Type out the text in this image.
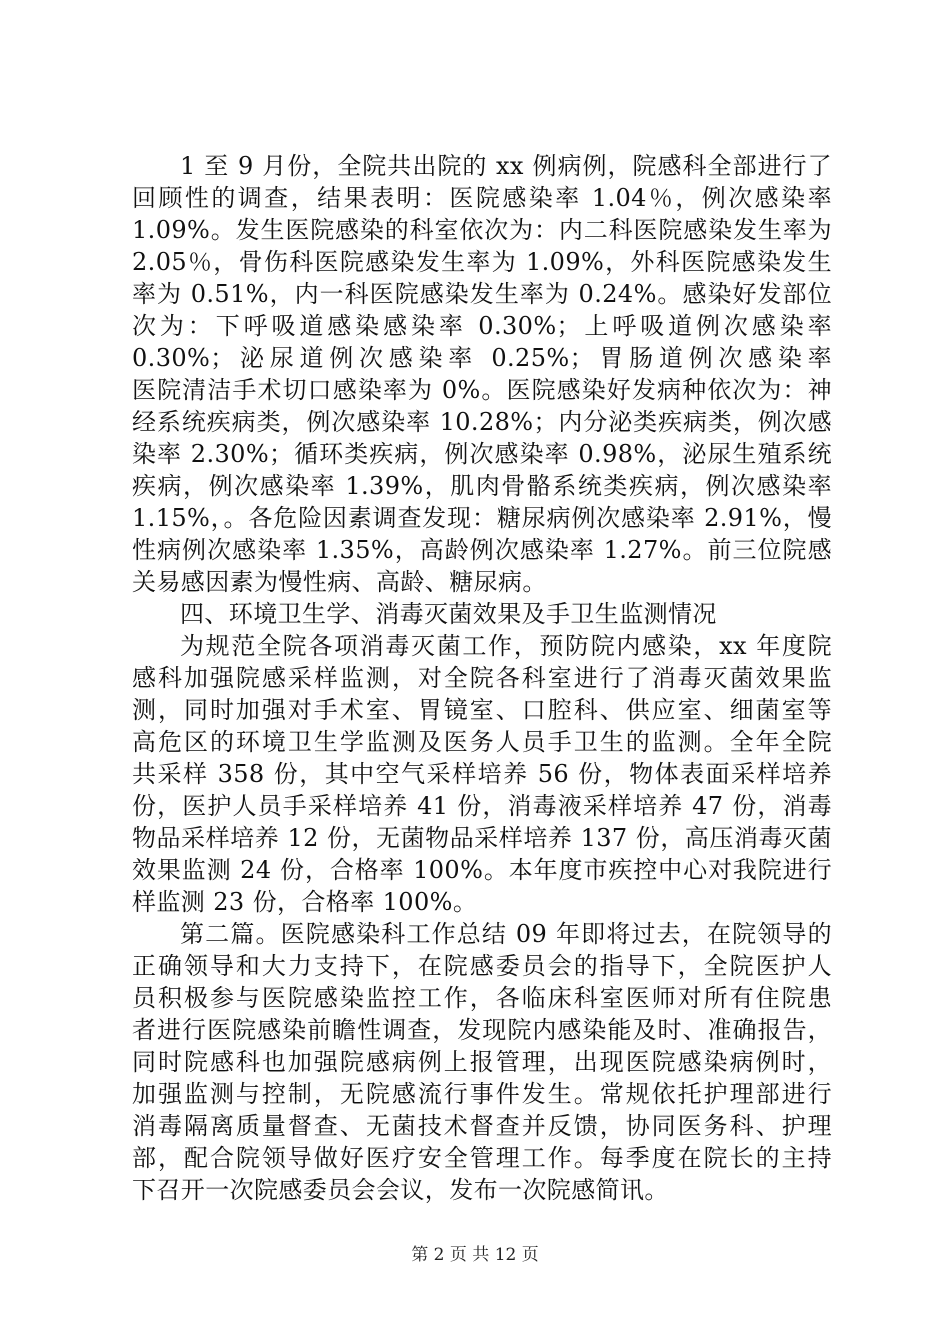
1 至 9 月份，全院共出院的 xx 例病例，院感科全部进行了
回顾性的调查，结果表明：医院感染率 1.04％，例次感染率
1.09%。发生医院感染的科室依次为：内二科医院感染发生率为
2.05％，骨伤科医院感染发生率为 1.09%，外科医院感染发生
率为 0.51%，内一科医院感染发生率为 0.24%。感染好发部位
次为：下呼吸道感染感染率 0.30%；上呼吸道例次感染率
0.30%；泌尿道例次感染率 0.25%；胃肠道例次感染率
医院清洁手术切口感染率为 0%。医院感染好发病种依次为：神
经系统疾病类，例次感染率 10.28%；内分泌类疾病类，例次感
染率 2.30%；循环类疾病，例次感染率 0.98%，泌尿生殖系统
疾病，例次感染率 1.39%，肌肉骨骼系统类疾病，例次感染率
1.15%，。各危险因素调查发现：糖尿病例次感染率 2.91%，慢
性病例次感染率 1.35%，高龄例次感染率 1.27%。前三位院感
关易感因素为慢性病、高龄、糖尿病。
四、环境卫生学、消毒灭菌效果及手卫生监测情况
为规范全院各项消毒灭菌工作，预防院内感染，xx 年度院
感科加强院感采样监测，对全院各科室进行了消毒灭菌效果监
测，同时加强对手术室、胃镜室、口腔科、供应室、细菌室等
高危区的环境卫生学监测及医务人员手卫生的监测。全年全院
共采样 358 份，其中空气采样培养 56 份，物体表面采样培养
份，医护人员手采样培养 41 份，消毒液采样培养 47 份，消毒
物品采样培养 12 份，无菌物品采样培养 137 份，高压消毒灭菌
效果监测 24 份，合格率 100%。本年度市疾控中心对我院进行
样监测 23 份，合格率 100%。
第二篇。医院感染科工作总结 09 年即将过去，在院领导的
正确领导和大力支持下，在院感委员会的指导下，全院医护人
员积极参与医院感染监控工作，各临床科室医师对所有住院患
者进行医院感染前瞻性调查，发现院内感染能及时、准确报告，
同时院感科也加强院感病例上报管理，出现医院感染病例时，
加强监测与控制，无院感流行事件发生。常规依托护理部进行
消毒隔离质量督查、无菌技术督查并反馈，协同医务科、护理
部，配合院领导做好医疗安全管理工作。每季度在院长的主持
下召开一次院感委员会会议，发布一次院感简讯。
第 2 页 共 12 页
